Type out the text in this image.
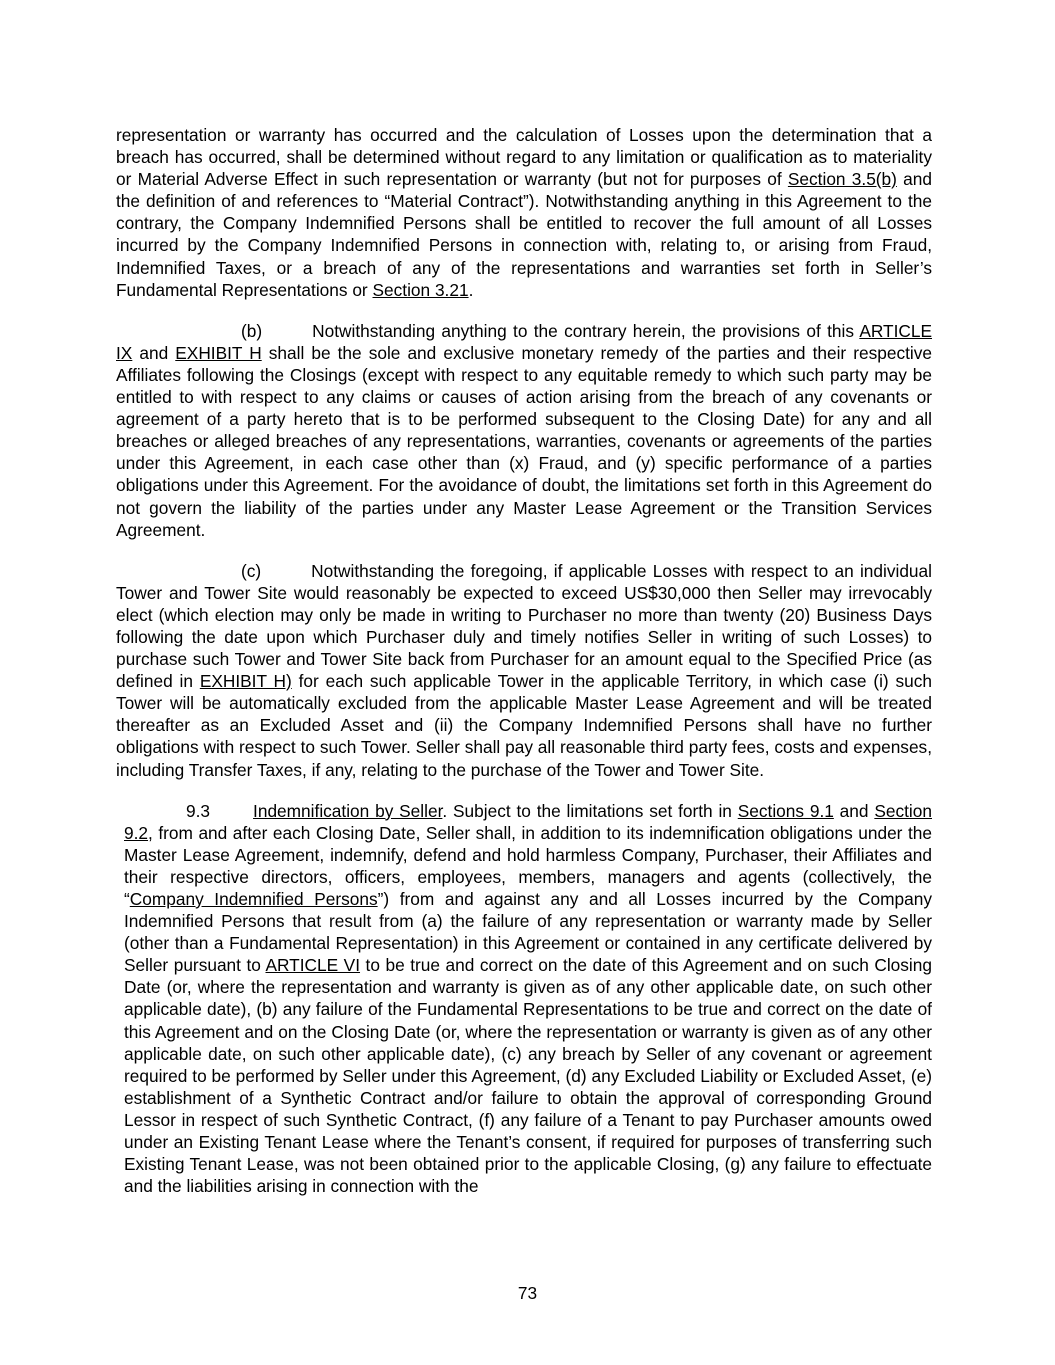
representation or warranty has occurred and the calculation of Losses upon the determination that a breach has occurred, shall be determined without regard to any limitation or qualification as to materiality or Material Adverse Effect in such representation or warranty (but not for purposes of Section 3.5(b) and the definition of and references to “Material Contract”). Notwithstanding anything in this Agreement to the contrary, the Company Indemnified Persons shall be entitled to recover the full amount of all Losses incurred by the Company Indemnified Persons in connection with, relating to, or arising from Fraud, Indemnified Taxes, or a breach of any of the representations and warranties set forth in Seller’s Fundamental Representations or Section 3.21.

(b)	Notwithstanding anything to the contrary herein, the provisions of this ARTICLE IX and EXHIBIT H shall be the sole and exclusive monetary remedy of the parties and their respective Affiliates following the Closings (except with respect to any equitable remedy to which such party may be entitled to with respect to any claims or causes of action arising from the breach of any covenants or agreement of a party hereto that is to be performed subsequent to the Closing Date) for any and all breaches or alleged breaches of any representations, warranties, covenants or agreements of the parties under this Agreement, in each case other than (x) Fraud, and (y) specific performance of a parties obligations under this Agreement. For the avoidance of doubt, the limitations set forth in this Agreement do not govern the liability of the parties under any Master Lease Agreement or the Transition Services Agreement.

(c)	Notwithstanding the foregoing, if applicable Losses with respect to an individual Tower and Tower Site would reasonably be expected to exceed US$30,000 then Seller may irrevocably elect (which election may only be made in writing to Purchaser no more than twenty (20) Business Days following the date upon which Purchaser duly and timely notifies Seller in writing of such Losses) to purchase such Tower and Tower Site back from Purchaser for an amount equal to the Specified Price (as defined in EXHIBIT H) for each such applicable Tower in the applicable Territory, in which case (i) such Tower will be automatically excluded from the applicable Master Lease Agreement and will be treated thereafter as an Excluded Asset and (ii) the Company Indemnified Persons shall have no further obligations with respect to such Tower. Seller shall pay all reasonable third party fees, costs and expenses, including Transfer Taxes, if any, relating to the purchase of the Tower and Tower Site.

9.3 Indemnification by Seller. Subject to the limitations set forth in Sections 9.1 and Section 9.2, from and after each Closing Date, Seller shall, in addition to its indemnification obligations under the Master Lease Agreement, indemnify, defend and hold harmless Company, Purchaser, their Affiliates and their respective directors, officers, employees, members, managers and agents (collectively, the “Company Indemnified Persons”) from and against any and all Losses incurred by the Company Indemnified Persons that result from (a) the failure of any representation or warranty made by Seller (other than a Fundamental Representation) in this Agreement or contained in any certificate delivered by Seller pursuant to ARTICLE VI to be true and correct on the date of this Agreement and on such Closing Date (or, where the representation and warranty is given as of any other applicable date, on such other applicable date), (b) any failure of the Fundamental Representations to be true and correct on the date of this Agreement and on the Closing Date (or, where the representation or warranty is given as of any other applicable date, on such other applicable date), (c) any breach by Seller of any covenant or agreement required to be performed by Seller under this Agreement, (d) any Excluded Liability or Excluded Asset, (e) establishment of a Synthetic Contract and/or failure to obtain the approval of corresponding Ground Lessor in respect of such Synthetic Contract, (f) any failure of a Tenant to pay Purchaser amounts owed under an Existing Tenant Lease where the Tenant’s consent, if required for purposes of transferring such Existing Tenant Lease, was not been obtained prior to the applicable Closing, (g) any failure to effectuate and the liabilities arising in connection with the

73
